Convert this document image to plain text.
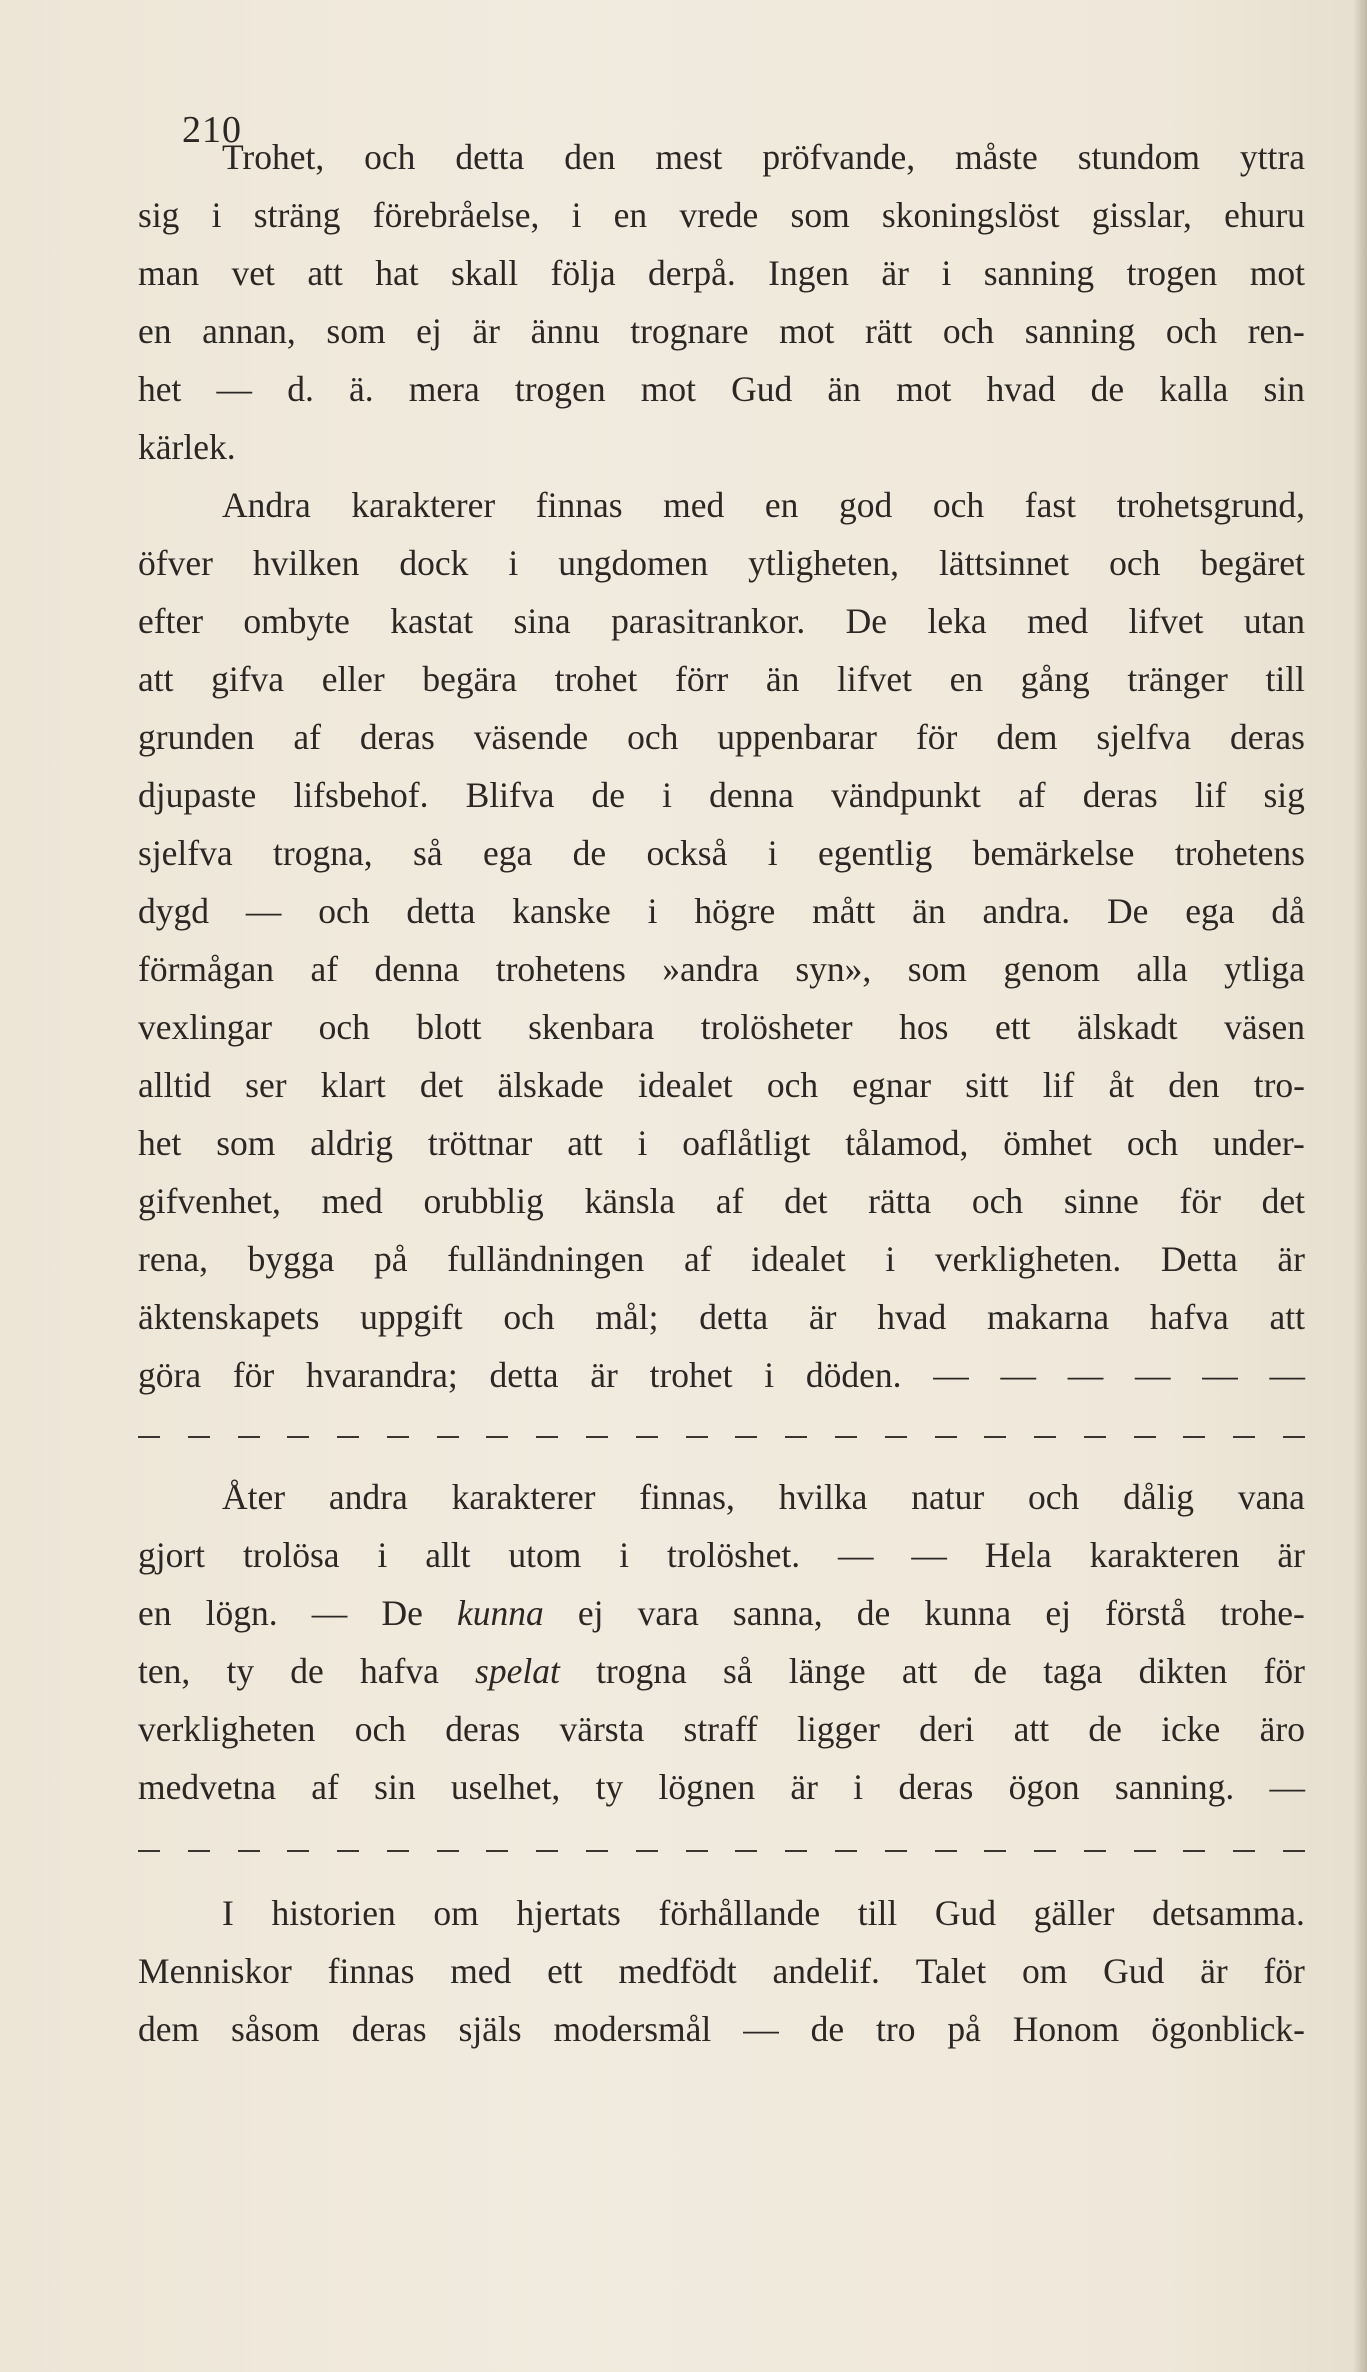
210
Trohet, och detta den mest pröfvande, måste stundom yttra
sig i sträng förebråelse, i en vrede som skoningslöst gisslar, ehuru
man vet att hat skall följa derpå. Ingen är i sanning trogen mot
en annan, som ej är ännu trognare mot rätt och sanning och ren-
het — d. ä. mera trogen mot Gud än mot hvad de kalla sin
kärlek.
Andra karakterer finnas med en god och fast trohetsgrund,
öfver hvilken dock i ungdomen ytligheten, lättsinnet och begäret
efter ombyte kastat sina parasitrankor. De leka med lifvet utan
att gifva eller begära trohet förr än lifvet en gång tränger till
grunden af deras väsende och uppenbarar för dem sjelfva deras
djupaste lifsbehof. Blifva de i denna vändpunkt af deras lif sig
sjelfva trogna, så ega de också i egentlig bemärkelse trohetens
dygd — och detta kanske i högre mått än andra. De ega då
förmågan af denna trohetens »andra syn», som genom alla ytliga
vexlingar och blott skenbara trolösheter hos ett älskadt väsen
alltid ser klart det älskade idealet och egnar sitt lif åt den tro-
het som aldrig tröttnar att i oaflåtligt tålamod, ömhet och under-
gifvenhet, med orubblig känsla af det rätta och sinne för det
rena, bygga på fulländningen af idealet i verkligheten. Detta är
äktenskapets uppgift och mål; detta är hvad makarna hafva att
göra för hvarandra; detta är trohet i döden. — — — — — —
Åter andra karakterer finnas, hvilka natur och dålig vana
gjort trolösa i allt utom i trolöshet. — — Hela karakteren är
en lögn. — De kunna ej vara sanna, de kunna ej förstå trohe-
ten, ty de hafva spelat trogna så länge att de taga dikten för
verkligheten och deras värsta straff ligger deri att de icke äro
medvetna af sin uselhet, ty lögnen är i deras ögon sanning. —
I historien om hjertats förhållande till Gud gäller detsamma.
Menniskor finnas med ett medfödt andelif. Talet om Gud är för
dem såsom deras själs modersmål — de tro på Honom ögonblick-
